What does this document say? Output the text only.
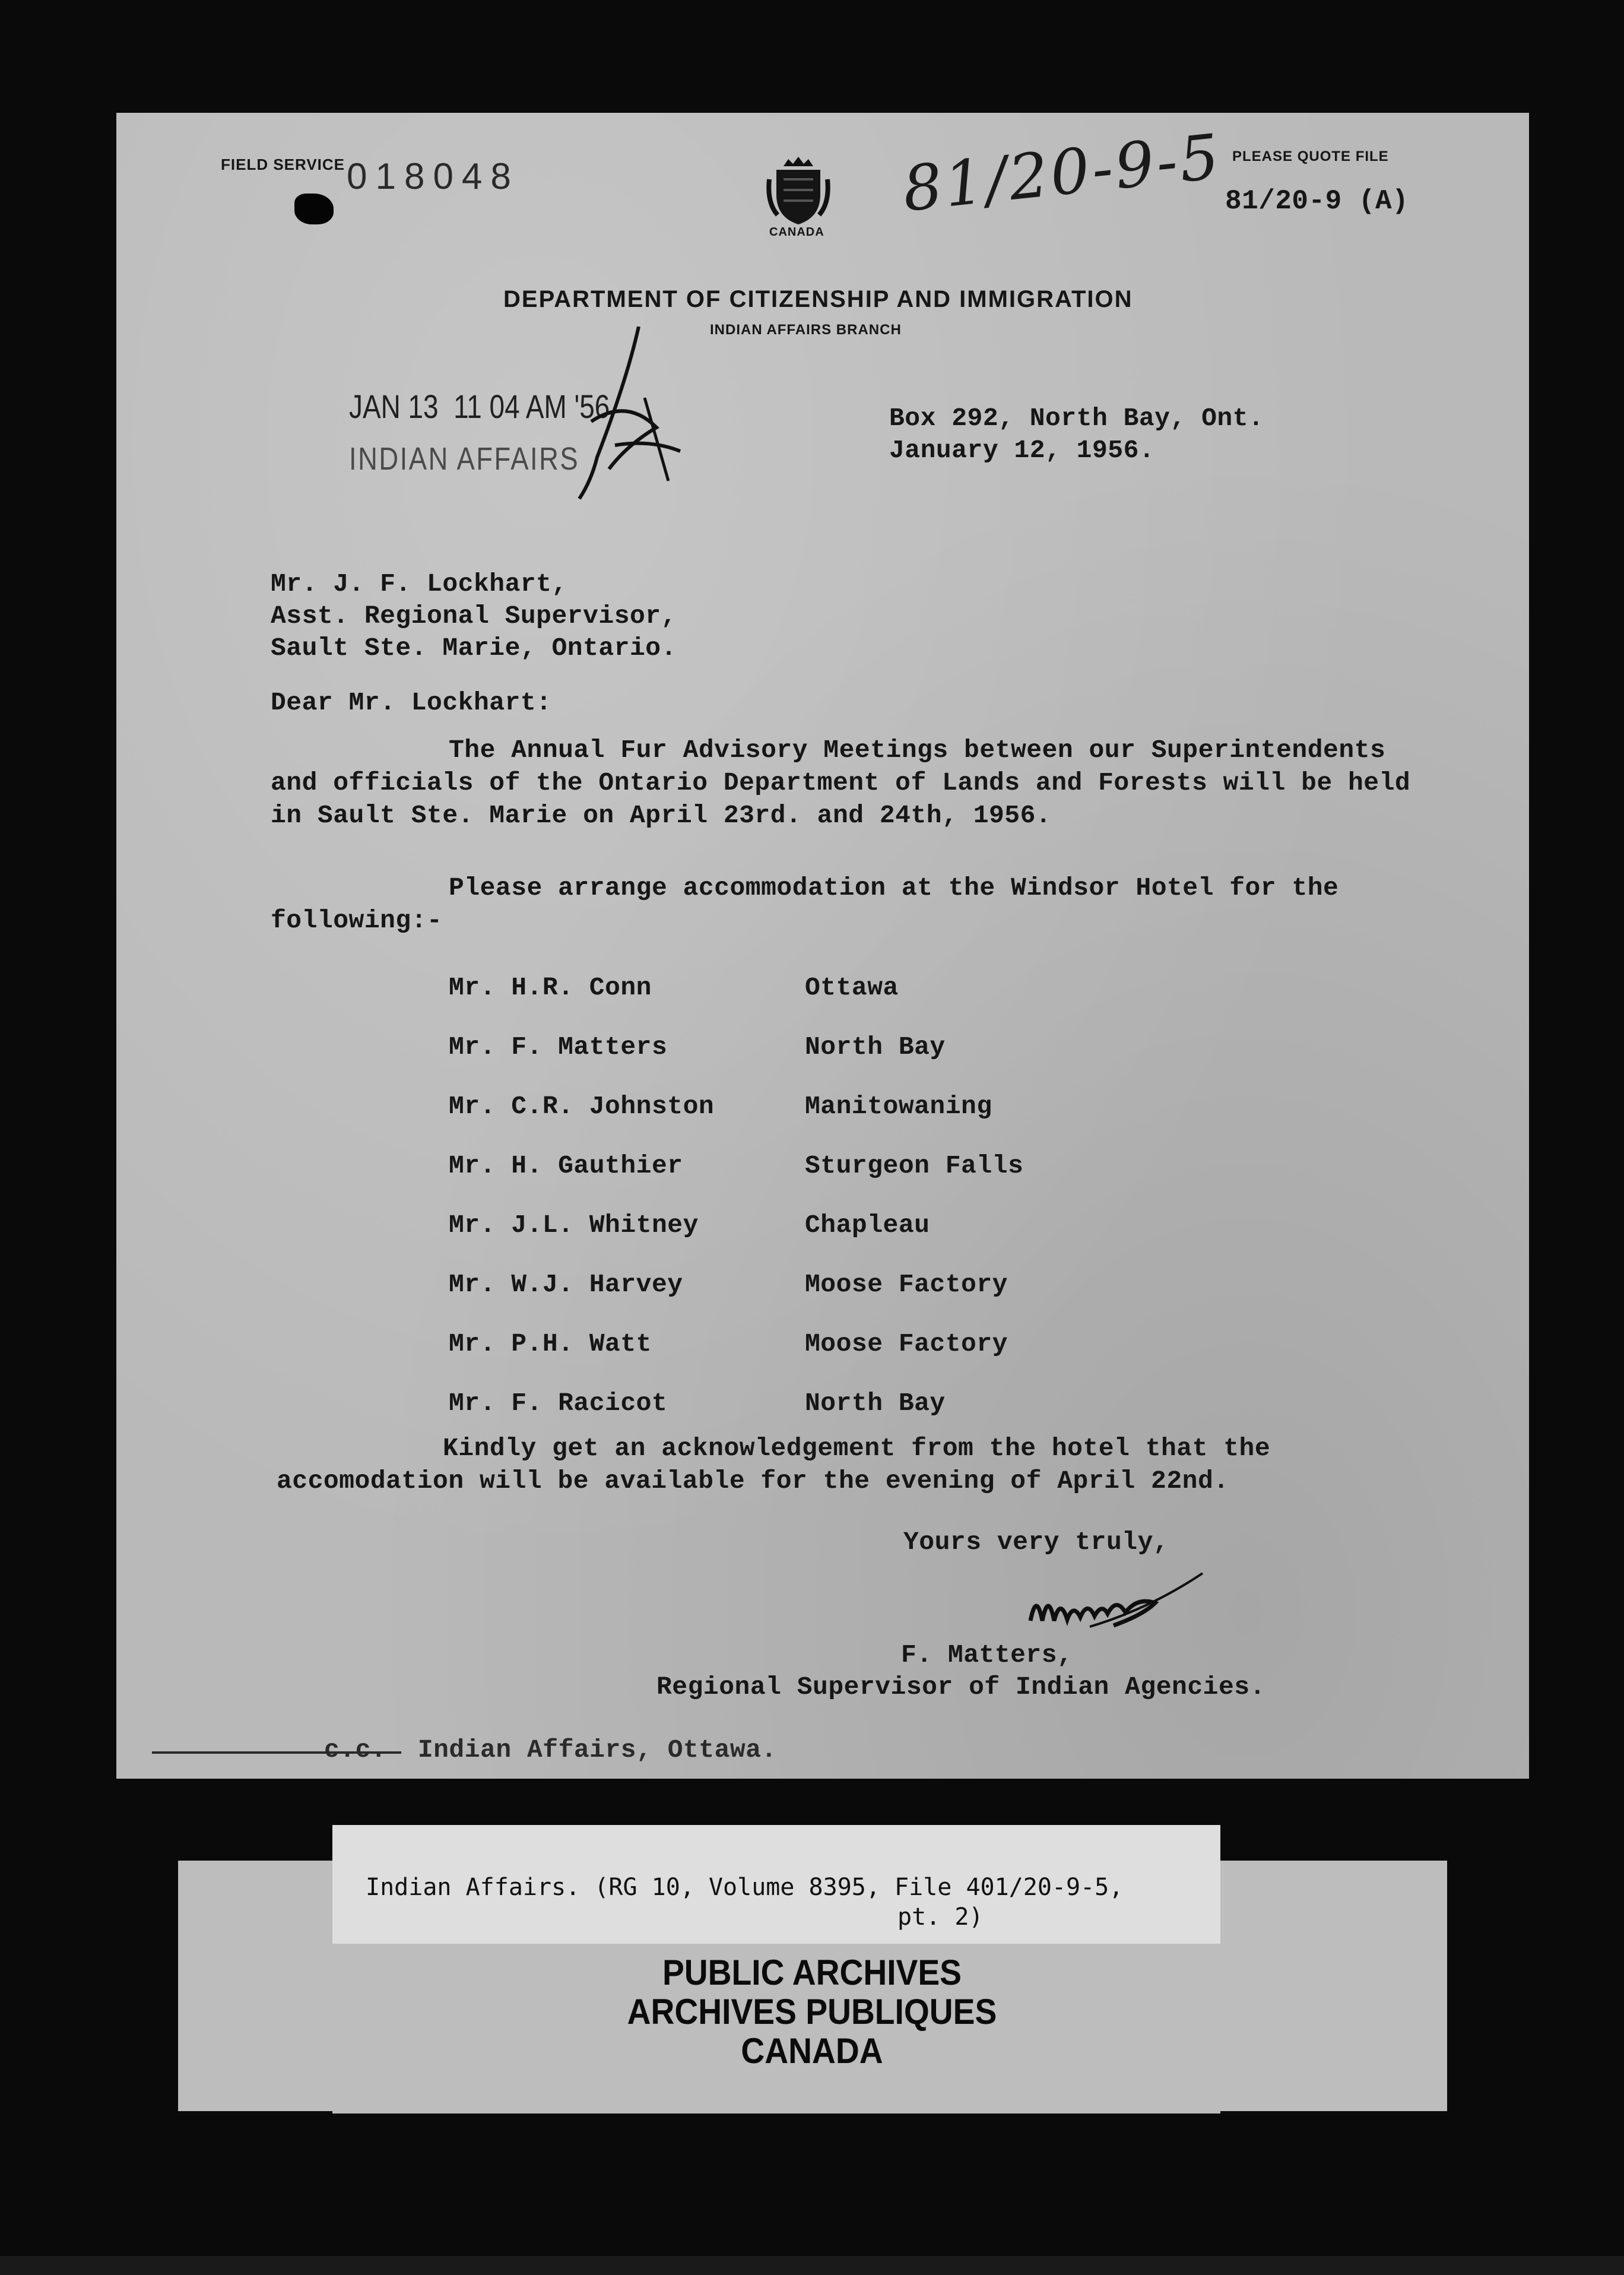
FIELD SERVICE 018048
CANADA
81/20-9-5 PLEASE QUOTE FILE
81/20-9 (A)
DEPARTMENT OF CITIZENSHIP AND IMMIGRATION
INDIAN AFFAIRS BRANCH
JAN 13  11 04 AM '56
INDIAN AFFAIRS
Box 292, North Bay, Ont.
January 12, 1956.
Mr. J. F. Lockhart,
Asst. Regional Supervisor,
Sault Ste. Marie, Ontario.
Dear Mr. Lockhart:
The Annual Fur Advisory Meetings between our Superintendents and officials of the Ontario Department of Lands and Forests will be held in Sault Ste. Marie on April 23rd. and 24th, 1956.
Please arrange accommodation at the Windsor Hotel for the following:-
Mr. H.R. Conn	Ottawa
Mr. F. Matters	North Bay
Mr. C.R. Johnston	Manitowaning
Mr. H. Gauthier	Sturgeon Falls
Mr. J.L. Whitney	Chapleau
Mr. W.J. Harvey	Moose Factory
Mr. P.H. Watt	Moose Factory
Mr. F. Racicot	North Bay
Kindly get an acknowledgement from the hotel that the accomodation will be available for the evening of April 22nd.
Yours very truly,
F. Matters,
Regional Supervisor of Indian Agencies.
c.c.  Indian Affairs, Ottawa.
Indian Affairs. (RG 10, Volume 8395, File 401/20-9-5,
pt. 2)
PUBLIC ARCHIVES
ARCHIVES PUBLIQUES
CANADA
